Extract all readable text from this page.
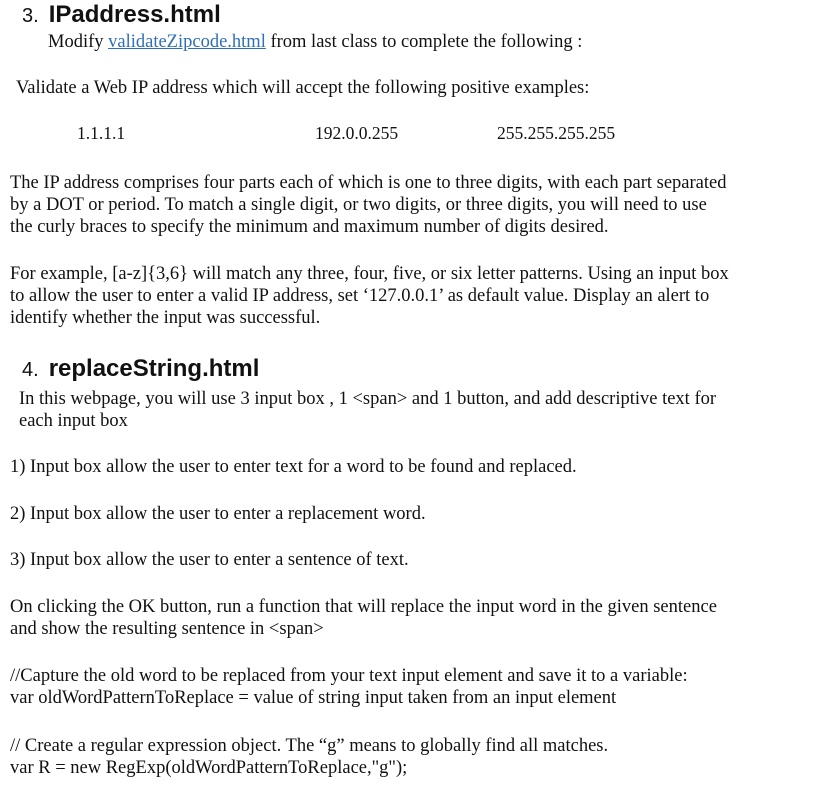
3. IPaddress.html
Modify validateZipcode.html from last class to complete the following :
Validate a Web IP address which will accept the following positive examples:
1.1.1.1	192.0.0.255	255.255.255.255
The IP address comprises four parts each of which is one to three digits, with each part separated
by a DOT or period. To match a single digit, or two digits, or three digits, you will need to use
the curly braces to specify the minimum and maximum number of digits desired.
For example, [a-z]{3,6} will match any three, four, five, or six letter patterns. Using an input box
to allow the user to enter a valid IP address, set ‘127.0.0.1’ as default value. Display an alert to
identify whether the input was successful.
4. replaceString.html
In this webpage, you will use 3 input box , 1 <span> and 1 button, and add descriptive text for
each input box
1) Input box allow the user to enter text for a word to be found and replaced.
2) Input box allow the user to enter a replacement word.
3) Input box allow the user to enter a sentence of text.
On clicking the OK button, run a function that will replace the input word in the given sentence
and show the resulting sentence in <span>
//Capture the old word to be replaced from your text input element and save it to a variable:
var oldWordPatternToReplace = value of string input taken from an input element
// Create a regular expression object. The “g” means to globally find all matches.
var R = new RegExp(oldWordPatternToReplace,"g");
